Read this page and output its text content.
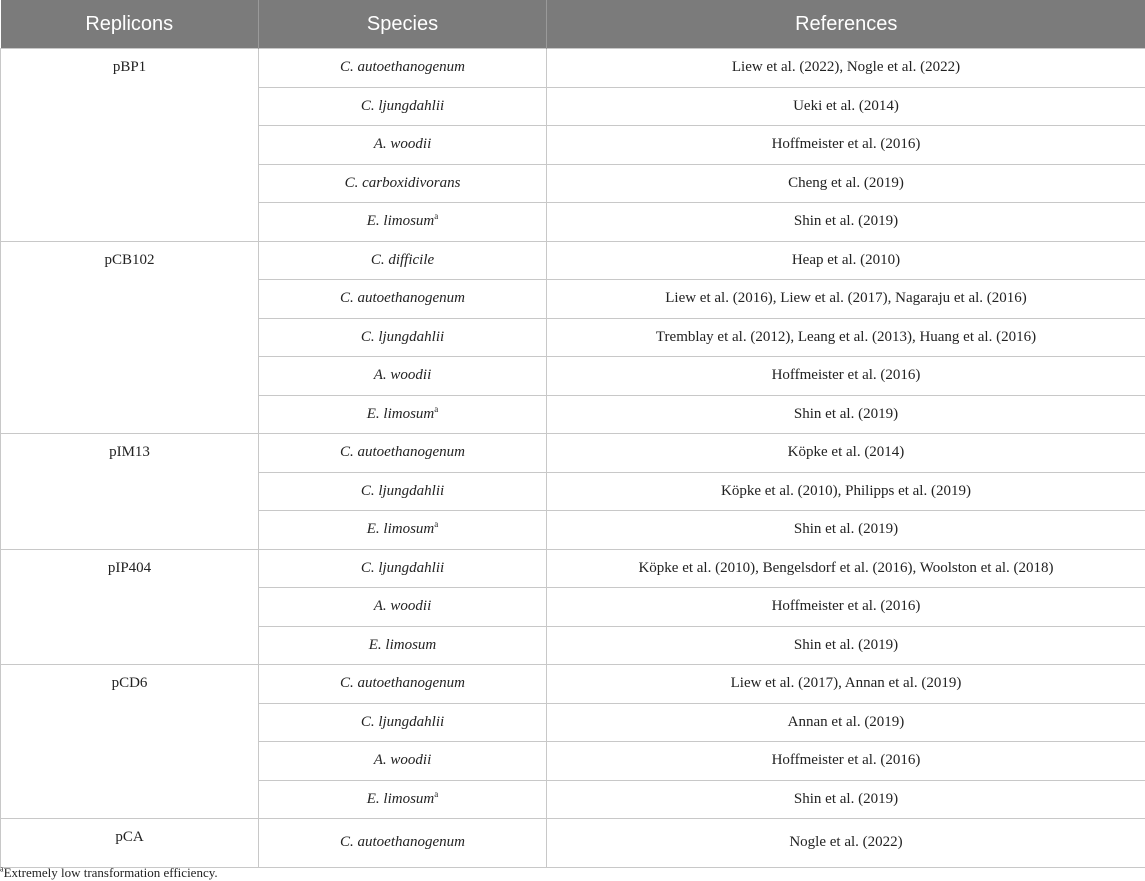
Replicons	Species	References
pBP1	C. autoethanogenum	Liew et al. (2022), Nogle et al. (2022)
	C. ljungdahlii	Ueki et al. (2014)
	A. woodii	Hoffmeister et al. (2016)
	C. carboxidivorans	Cheng et al. (2019)
	E. limosum$^a$	Shin et al. (2019)
pCB102	C. difficile	Heap et al. (2010)
	C. autoethanogenum	Liew et al. (2016), Liew et al. (2017), Nagaraju et al. (2016)
	C. ljungdahlii	Tremblay et al. (2012), Leang et al. (2013), Huang et al. (2016)
	A. woodii	Hoffmeister et al. (2016)
	E. limosum$^a$	Shin et al. (2019)
pIM13	C. autoethanogenum	Köpke et al. (2014)
	C. ljungdahlii	Köpke et al. (2010), Philipps et al. (2019)
	E. limosum$^a$	Shin et al. (2019)
pIP404	C. ljungdahlii	Köpke et al. (2010), Bengelsdorf et al. (2016), Woolston et al. (2018)
	A. woodii	Hoffmeister et al. (2016)
	E. limosum	Shin et al. (2019)
pCD6	C. autoethanogenum	Liew et al. (2017), Annan et al. (2019)
	C. ljungdahlii	Annan et al. (2019)
	A. woodii	Hoffmeister et al. (2016)
	E. limosum$^a$	Shin et al. (2019)
pCA	C. autoethanogenum	Nogle et al. (2022)
$^a$Extremely low transformation efficiency.
